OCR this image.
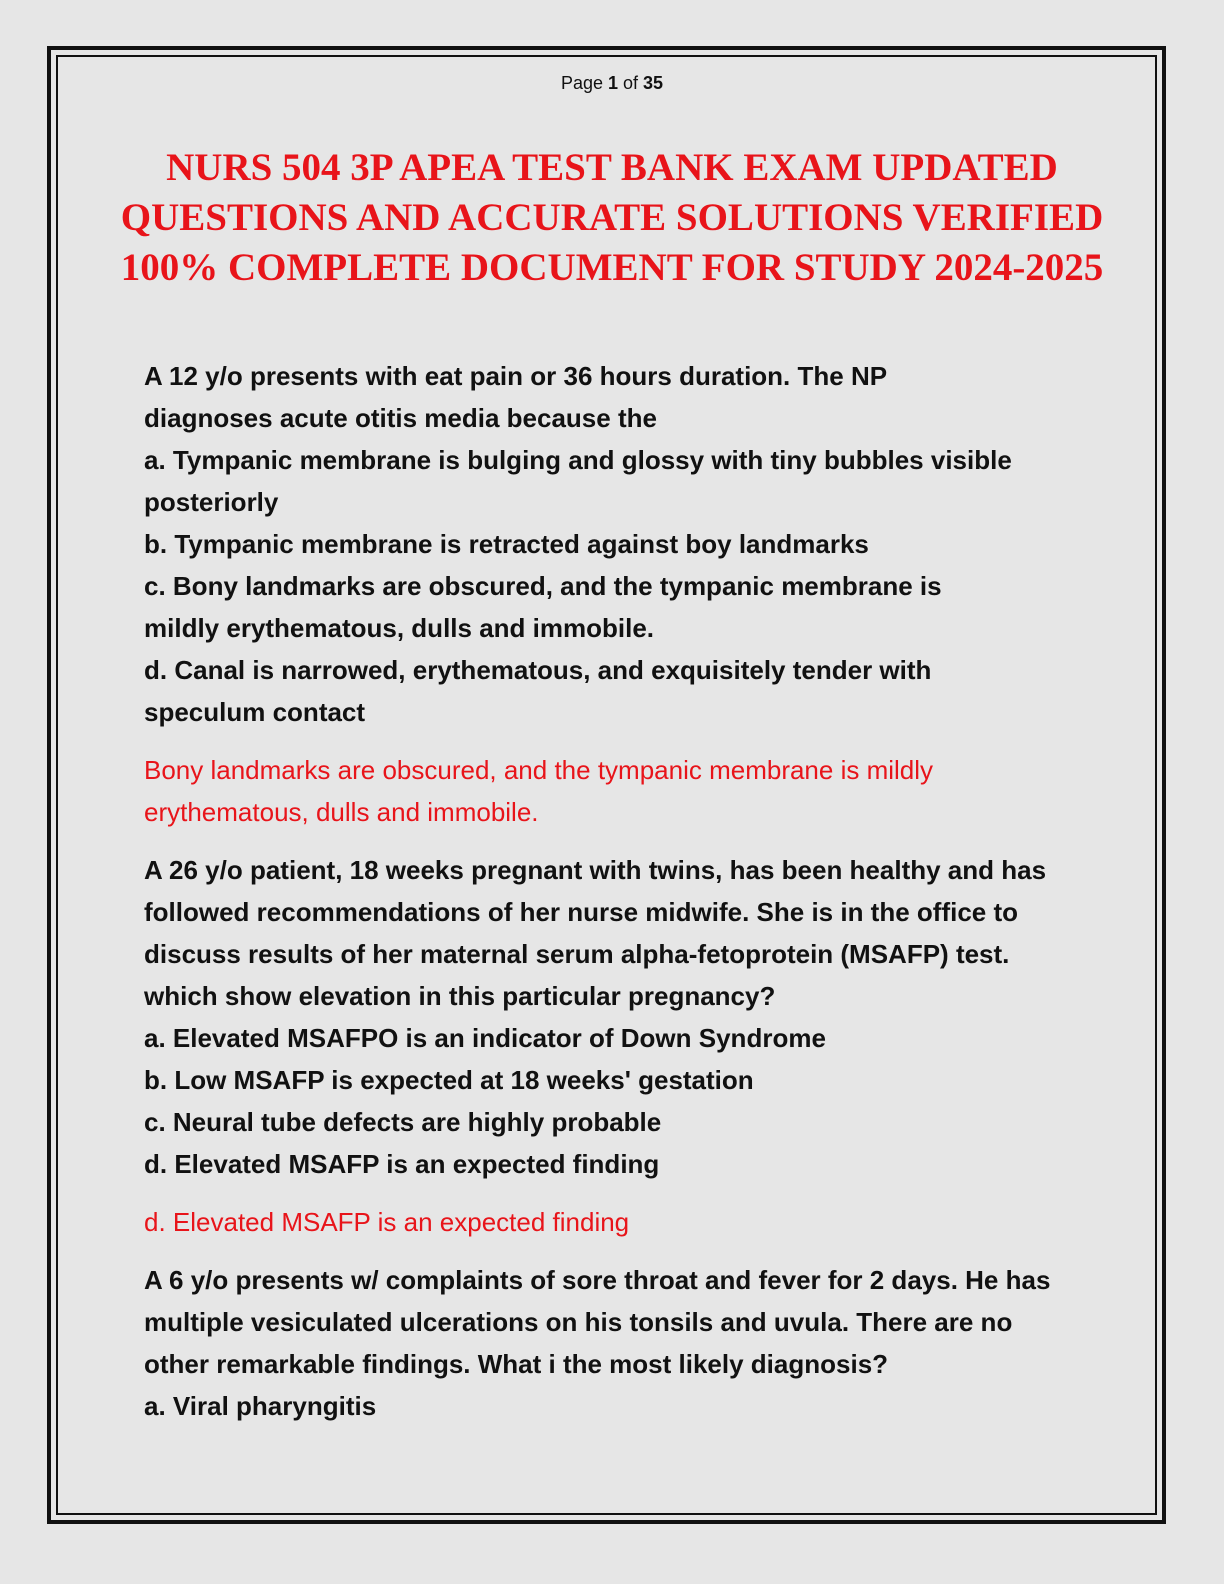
Page 1 of 35
NURS 504 3P APEA TEST BANK EXAM UPDATED QUESTIONS AND ACCURATE SOLUTIONS VERIFIED 100% COMPLETE DOCUMENT FOR STUDY 2024-2025
A 12 y/o presents with eat pain or 36 hours duration. The NP diagnoses acute otitis media because the
a. Tympanic membrane is bulging and glossy with tiny bubbles visible posteriorly
b. Tympanic membrane is retracted against boy landmarks
c. Bony landmarks are obscured, and the tympanic membrane is mildly erythematous, dulls and immobile.
d. Canal is narrowed, erythematous, and exquisitely tender with speculum contact
Bony landmarks are obscured, and the tympanic membrane is mildly erythematous, dulls and immobile.
A 26 y/o patient, 18 weeks pregnant with twins, has been healthy and has followed recommendations of her nurse midwife. She is in the office to discuss results of her maternal serum alpha-fetoprotein (MSAFP) test. which show elevation in this particular pregnancy?
a. Elevated MSAFPO is an indicator of Down Syndrome
b. Low MSAFP is expected at 18 weeks' gestation
c. Neural tube defects are highly probable
d. Elevated MSAFP is an expected finding
d. Elevated MSAFP is an expected finding
A 6 y/o presents w/ complaints of sore throat and fever for 2 days. He has multiple vesiculated ulcerations on his tonsils and uvula. There are no other remarkable findings. What i the most likely diagnosis?
a. Viral pharyngitis
